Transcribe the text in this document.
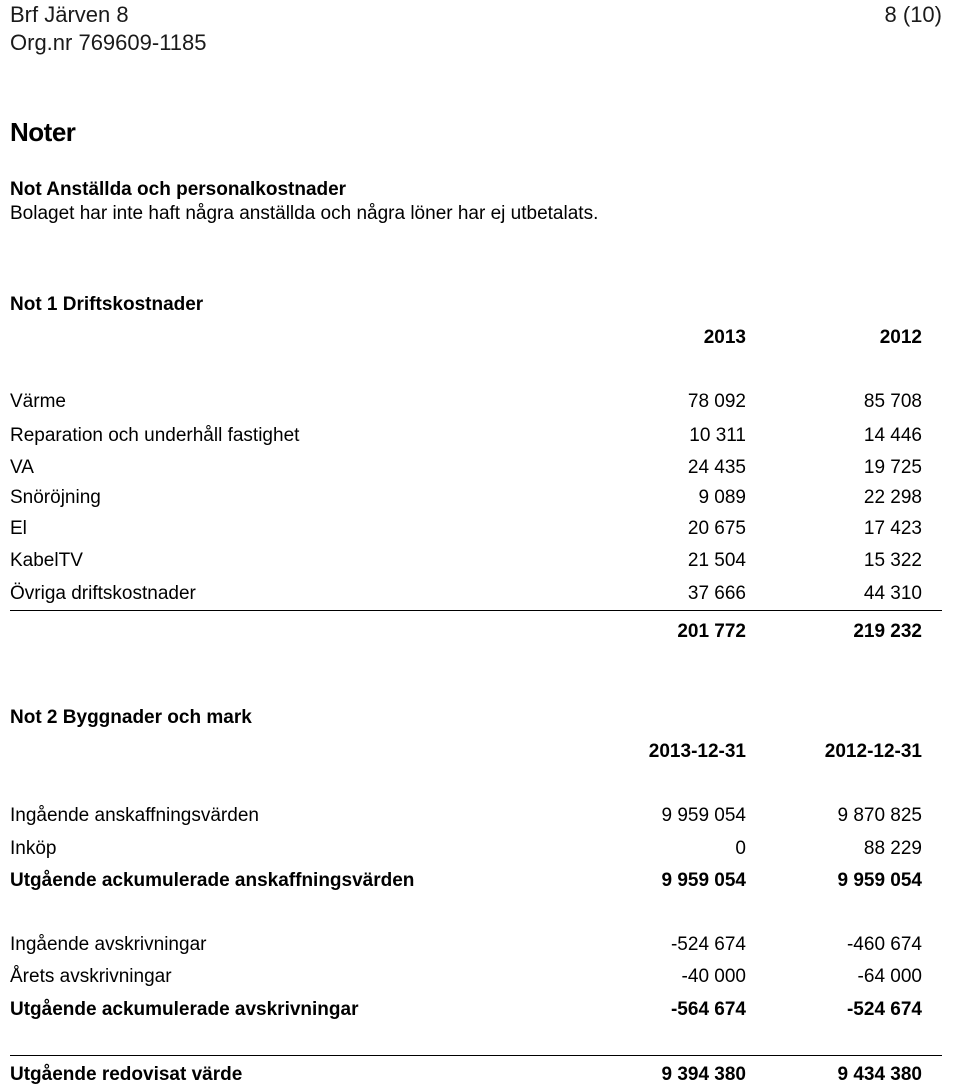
Brf Järven 8
Org.nr 769609-1185
8 (10)
Noter
Not Anställda och personalkostnader
Bolaget har inte haft några anställda och några löner har ej utbetalats.
Not 1 Driftskostnader
2013	2012
Värme	78 092	85 708
Reparation och underhåll fastighet	10 311	14 446
VA	24 435	19 725
Snöröjning	9 089	22 298
El	20 675	17 423
KabelTV	21 504	15 322
Övriga driftskostnader	37 666	44 310
201 772	219 232
Not 2 Byggnader och mark
2013-12-31	2012-12-31
Ingående anskaffningsvärden	9 959 054	9 870 825
Inköp	0	88 229
Utgående ackumulerade anskaffningsvärden	9 959 054	9 959 054
Ingående avskrivningar	-524 674	-460 674
Årets avskrivningar	-40 000	-64 000
Utgående ackumulerade avskrivningar	-564 674	-524 674
Utgående redovisat värde	9 394 380	9 434 380
